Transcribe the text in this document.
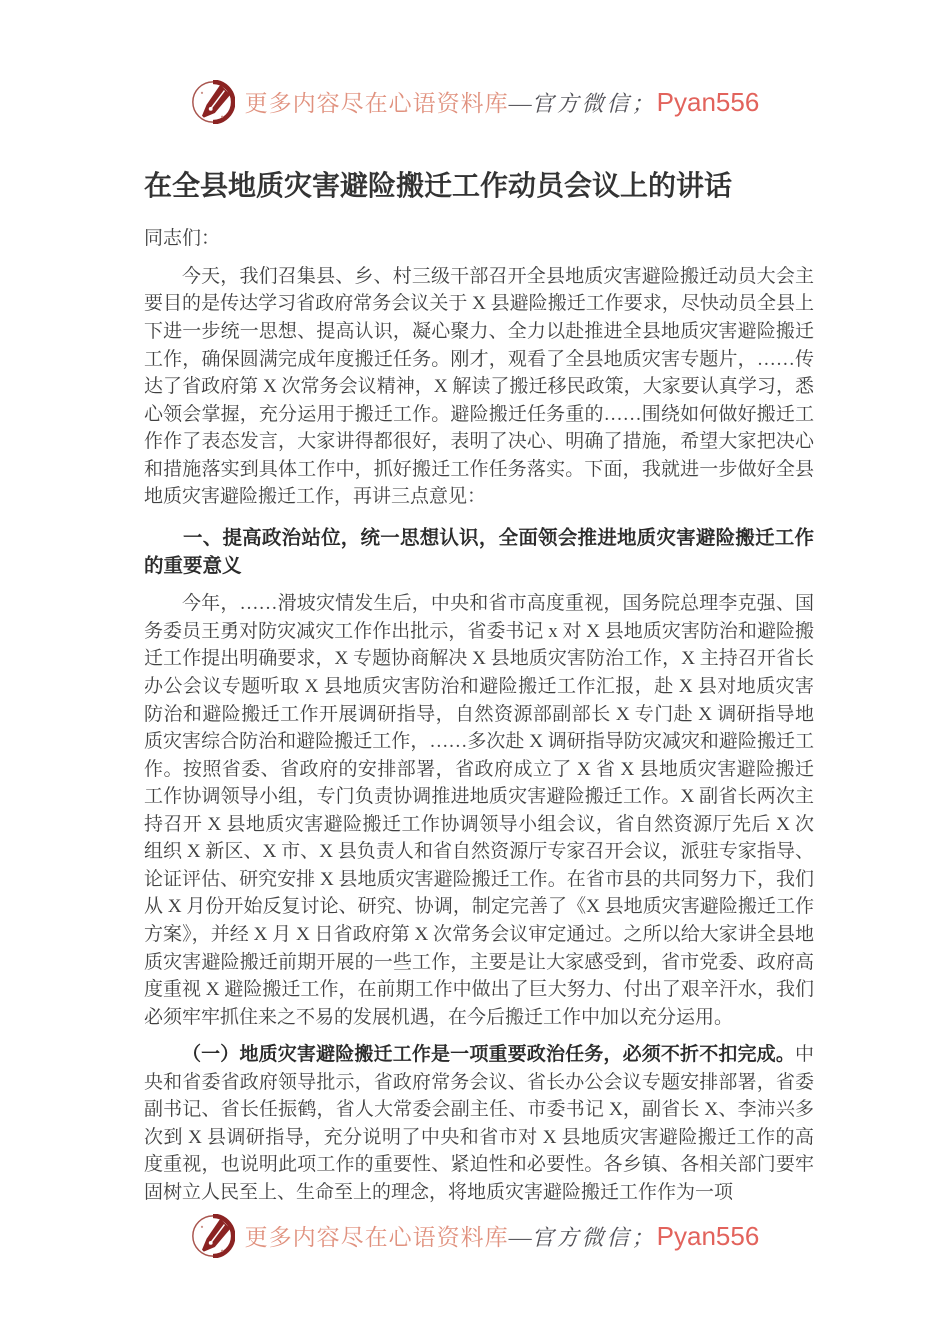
更多内容尽在心语资料库—官方微信；Pyan556
在全县地质灾害避险搬迁工作动员会议上的讲话

同志们：

今天，我们召集县、乡、村三级干部召开全县地质灾害避险搬迁动员大会主要目的是传达学习省政府常务会议关于 X 县避险搬迁工作要求，尽快动员全县上下进一步统一思想、提高认识，凝心聚力、全力以赴推进全县地质灾害避险搬迁工作，确保圆满完成年度搬迁任务。刚才，观看了全县地质灾害专题片，……传达了省政府第 X 次常务会议精神，X 解读了搬迁移民政策，大家要认真学习，悉心领会掌握，充分运用于搬迁工作。避险搬迁任务重的……围绕如何做好搬迁工作作了表态发言，大家讲得都很好，表明了决心、明确了措施，希望大家把决心和措施落实到具体工作中，抓好搬迁工作任务落实。下面，我就进一步做好全县地质灾害避险搬迁工作，再讲三点意见：

一、提高政治站位，统一思想认识，全面领会推进地质灾害避险搬迁工作的重要意义

今年，……滑坡灾情发生后，中央和省市高度重视，国务院总理李克强、国务委员王勇对防灾减灾工作作出批示，省委书记 x 对 X 县地质灾害防治和避险搬迁工作提出明确要求，X 专题协商解决 X 县地质灾害防治工作，X 主持召开省长办公会议专题听取 X 县地质灾害防治和避险搬迁工作汇报，赴 X 县对地质灾害防治和避险搬迁工作开展调研指导，自然资源部副部长 X 专门赴 X 调研指导地质灾害综合防治和避险搬迁工作，……多次赴 X 调研指导防灾减灾和避险搬迁工作。按照省委、省政府的安排部署，省政府成立了 X 省 X 县地质灾害避险搬迁工作协调领导小组，专门负责协调推进地质灾害避险搬迁工作。X 副省长两次主持召开 X 县地质灾害避险搬迁工作协调领导小组会议，省自然资源厅先后 X 次组织 X 新区、X 市、X 县负责人和省自然资源厅专家召开会议，派驻专家指导、论证评估、研究安排 X 县地质灾害避险搬迁工作。在省市县的共同努力下，我们从 X 月份开始反复讨论、研究、协调，制定完善了《X 县地质灾害避险搬迁工作方案》，并经 X 月 X 日省政府第 X 次常务会议审定通过。之所以给大家讲全县地质灾害避险搬迁前期开展的一些工作，主要是让大家感受到，省市党委、政府高度重视 X 避险搬迁工作，在前期工作中做出了巨大努力、付出了艰辛汗水，我们必须牢牢抓住来之不易的发展机遇，在今后搬迁工作中加以充分运用。

（一）地质灾害避险搬迁工作是一项重要政治任务，必须不折不扣完成。中央和省委省政府领导批示，省政府常务会议、省长办公会议专题安排部署，省委副书记、省长任振鹤，省人大常委会副主任、市委书记 X，副省长 X、李沛兴多次到 X 县调研指导，充分说明了中央和省市对 X 县地质灾害避险搬迁工作的高度重视，也说明此项工作的重要性、紧迫性和必要性。各乡镇、各相关部门要牢固树立人民至上、生命至上的理念，将地质灾害避险搬迁工作作为一项

更多内容尽在心语资料库—官方微信；Pyan556
